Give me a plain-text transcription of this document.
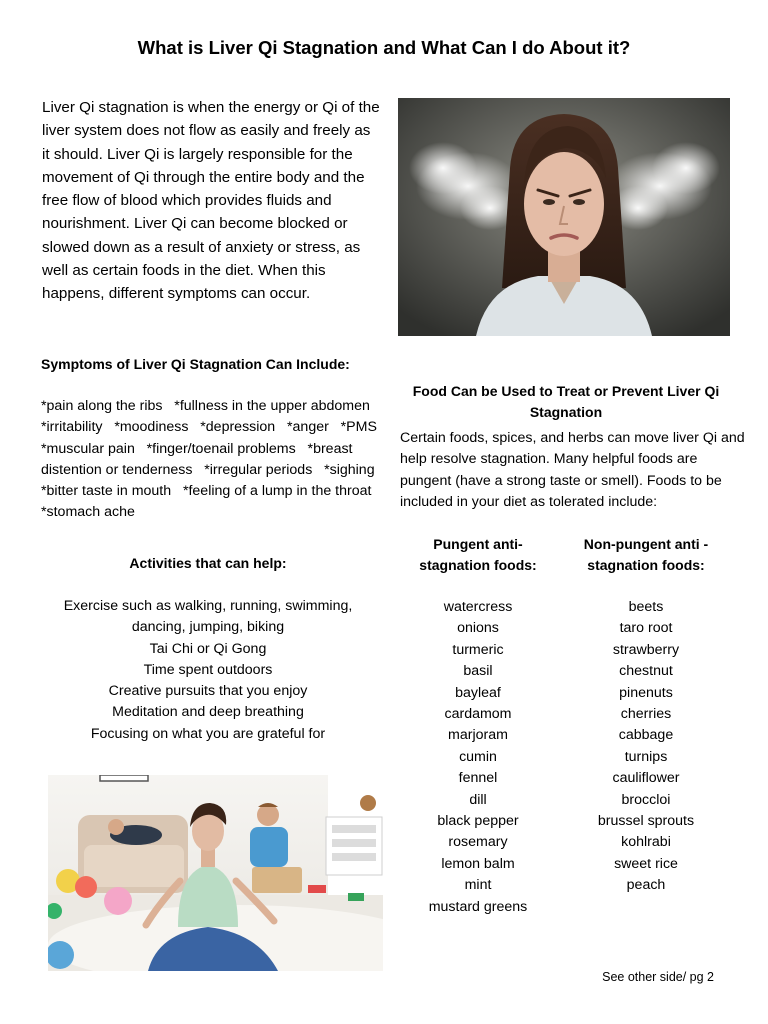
What is Liver Qi Stagnation and What Can I do About it?

Liver Qi stagnation is when the energy or Qi of the liver system does not flow as easily and freely as it should. Liver Qi is largely responsible for the movement of Qi through the entire body and the free flow of blood which provides fluids and nourishment. Liver Qi can become blocked or slowed down as a result of anxiety or stress, as well as certain foods in the diet. When this happens, different symptoms can occur.

Symptoms of Liver Qi Stagnation Can Include:

*pain along the ribs   *fullness in the upper abdomen   *irritability   *moodiness   *depression   *anger   *PMS   *muscular pain   *finger/toenail problems   *breast distention or tenderness   *irregular periods   *sighing   *bitter taste in mouth   *feeling of a lump in the throat   *stomach ache

Activities that can help:
Exercise such as walking, running, swimming, dancing, jumping, biking
Tai Chi or Qi Gong
Time spent outdoors
Creative pursuits that you enjoy
Meditation and deep breathing
Focusing on what you are grateful for
Food Can be Used to Treat or Prevent Liver Qi Stagnation

Certain foods, spices, and herbs can move liver Qi and help resolve stagnation. Many helpful foods are pungent (have a strong taste or smell). Foods to be included in your diet as tolerated include:

Pungent anti-stagnation foods:
Non-pungent anti - stagnation foods:
watercress
onions
turmeric
basil
bayleaf
cardamom
marjoram
cumin
fennel
dill
black pepper
rosemary
lemon balm
mint
mustard greens
beets
taro root
strawberry
chestnut
pinenuts
cherries
cabbage
turnips
cauliflower
broccloi
brussel sprouts
kohlrabi
sweet rice
peach
See other side/ pg 2
